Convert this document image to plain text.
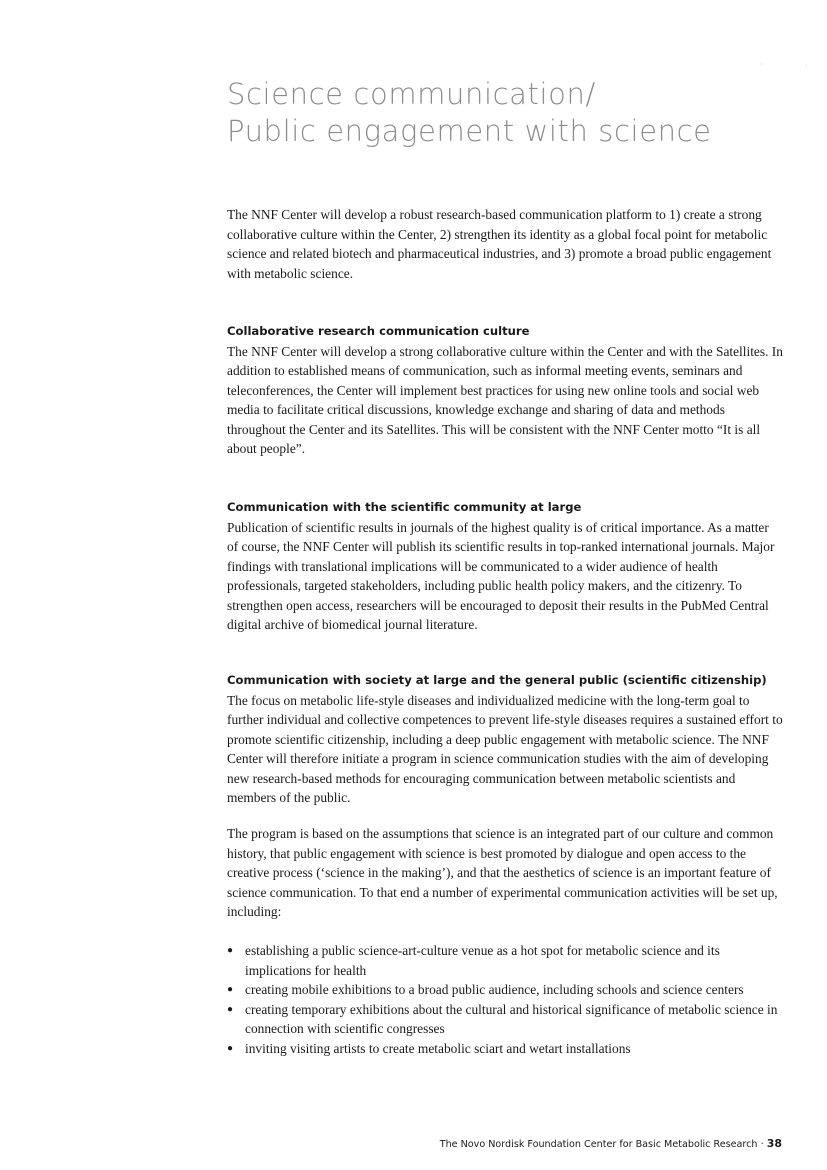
·	·
Science communication/
Public engagement with science

The NNF Center will develop a robust research-based communication platform to 1) create a strong collaborative culture within the Center, 2) strengthen its identity as a global focal point for metabolic science and related biotech and pharmaceutical industries, and 3) promote a broad public engagement with metabolic science.

Collaborative research communication culture

The NNF Center will develop a strong collaborative culture within the Center and with the Satellites. In addition to established means of communication, such as informal meeting events, seminars and teleconferences, the Center will implement best practices for using new online tools and social web media to facilitate critical discussions, knowledge exchange and sharing of data and methods throughout the Center and its Satellites. This will be consistent with the NNF Center motto “It is all about people”.

Communication with the scientific community at large

Publication of scientific results in journals of the highest quality is of critical importance. As a matter of course, the NNF Center will publish its scientific results in top-ranked international journals. Major findings with translational implications will be communicated to a wider audience of health professionals, targeted stakeholders, including public health policy makers, and the citizenry. To strengthen open access, researchers will be encouraged to deposit their results in the PubMed Central digital archive of biomedical journal literature.

Communication with society at large and the general public (scientific citizenship)

The focus on metabolic life-style diseases and individualized medicine with the long-term goal to further individual and collective competences to prevent life-style diseases requires a sustained effort to promote scientific citizenship, including a deep public engagement with metabolic science. The NNF Center will therefore initiate a program in science communication studies with the aim of developing new research-based methods for encouraging communication between metabolic scientists and members of the public.

The program is based on the assumptions that science is an integrated part of our culture and common history, that public engagement with science is best promoted by dialogue and open access to the creative process (‘science in the making’), and that the aesthetics of science is an important feature of science communication. To that end a number of experimental communication activities will be set up, including:

● establishing a public science-art-culture venue as a hot spot for metabolic science and its implications for health
● creating mobile exhibitions to a broad public audience, including schools and science centers
● creating temporary exhibitions about the cultural and historical significance of metabolic science in connection with scientific congresses
● inviting visiting artists to create metabolic sciart and wetart installations
The Novo Nordisk Foundation Center for Basic Metabolic Research · 38
